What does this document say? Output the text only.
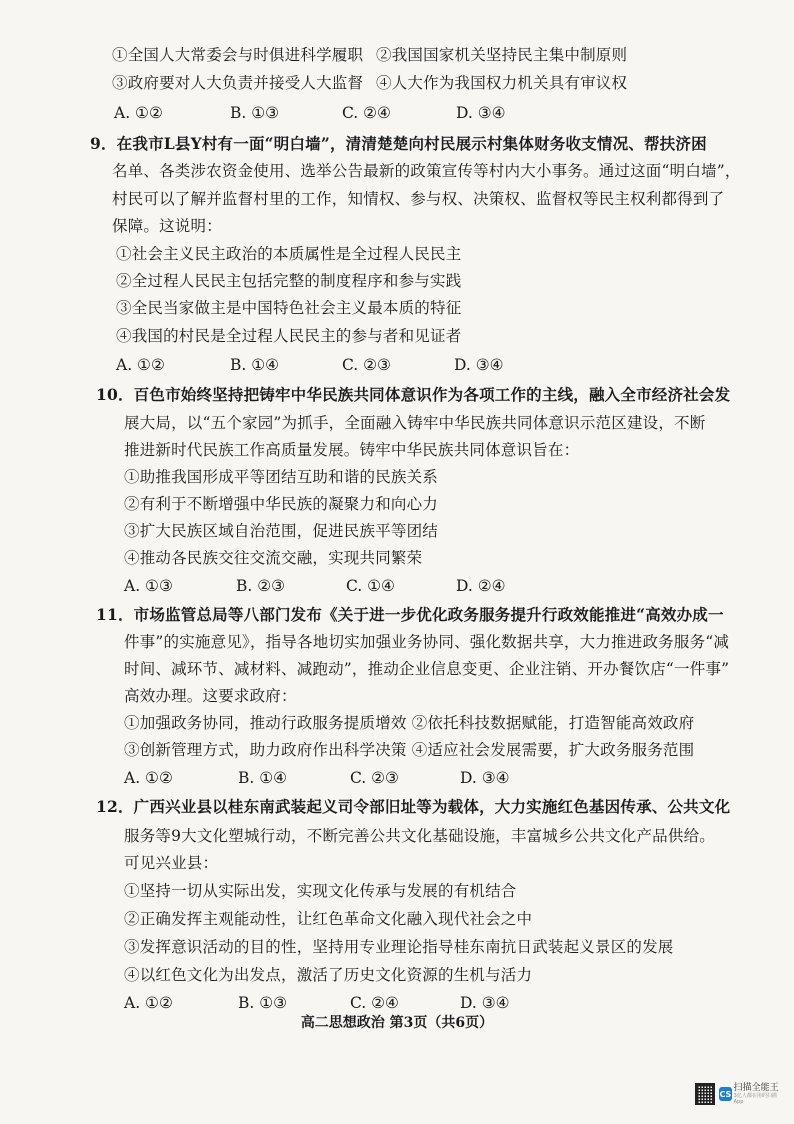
①全国人大常委会与时俱进科学履职 ②我国国家机关坚持民主集中制原则
③政府要对人大负责并接受人大监督 ④人大作为我国权力机关具有审议权
A. ①②	B. ①③	C. ②④	D. ③④
9．在我市L县Y村有一面“明白墙”，清清楚楚向村民展示村集体财务收支情况、帮扶济困
名单、各类涉农资金使用、选举公告最新的政策宣传等村内大小事务。通过这面“明白墙”，
村民可以了解并监督村里的工作，知情权、参与权、决策权、监督权等民主权利都得到了
保障。这说明：
①社会主义民主政治的本质属性是全过程人民民主
②全过程人民民主包括完整的制度程序和参与实践
③全民当家做主是中国特色社会主义最本质的特征
④我国的村民是全过程人民民主的参与者和见证者
A. ①②	B. ①④	C. ②③	D. ③④
10．百色市始终坚持把铸牢中华民族共同体意识作为各项工作的主线，融入全市经济社会发
展大局，以“五个家园”为抓手，全面融入铸牢中华民族共同体意识示范区建设，不断
推进新时代民族工作高质量发展。铸牢中华民族共同体意识旨在：
①助推我国形成平等团结互助和谐的民族关系
②有利于不断增强中华民族的凝聚力和向心力
③扩大民族区域自治范围，促进民族平等团结
④推动各民族交往交流交融，实现共同繁荣
A. ①③	B. ②③	C. ①④	D. ②④
11．市场监管总局等八部门发布《关于进一步优化政务服务提升行政效能推进“高效办成一
件事”的实施意见》，指导各地切实加强业务协同、强化数据共享，大力推进政务服务“减
时间、减环节、减材料、减跑动”，推动企业信息变更、企业注销、开办餐饮店“一件事”
高效办理。这要求政府：
①加强政务协同，推动行政服务提质增效 ②依托科技数据赋能，打造智能高效政府
③创新管理方式，助力政府作出科学决策 ④适应社会发展需要，扩大政务服务范围
A. ①②	B. ①④	C. ②③	D. ③④
12．广西兴业县以桂东南武装起义司令部旧址等为载体，大力实施红色基因传承、公共文化
服务等9大文化塑城行动，不断完善公共文化基础设施，丰富城乡公共文化产品供给。
可见兴业县：
①坚持一切从实际出发，实现文化传承与发展的有机结合
②正确发挥主观能动性，让红色革命文化融入现代社会之中
③发挥意识活动的目的性，坚持用专业理论指导桂东南抗日武装起义景区的发展
④以红色文化为出发点，激活了历史文化资源的生机与活力
A. ①②	B. ①③	C. ②④	D. ③④
高二思想政治 第3页（共6页）
CS
扫描全能王
3亿人都在用的扫描App
